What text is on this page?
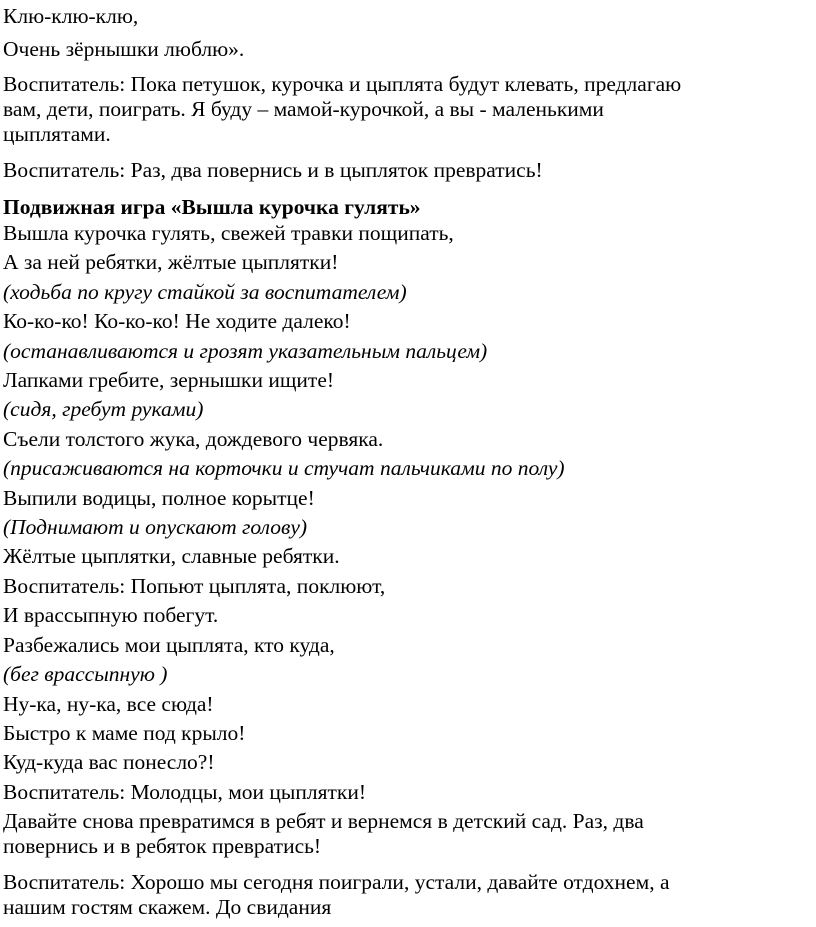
Клю-клю-клю,

Очень зёрнышки люблю».

Воспитатель: Пока петушок, курочка и цыплята будут клевать, предлагаю
вам, дети, поиграть. Я буду – мамой-курочкой, а вы - маленькими
цыплятами.

Воспитатель: Раз, два повернись и в цыпляток превратись!

Подвижная игра «Вышла курочка гулять»

Вышла курочка гулять, свежей травки пощипать,

А за ней ребятки, жёлтые цыплятки!

(ходьба по кругу стайкой за воспитателем)

Ко-ко-ко! Ко-ко-ко! Не ходите далеко!

(останавливаются и грозят указательным пальцем)

Лапками гребите, зернышки ищите!

(сидя, гребут руками)

Съели толстого жука, дождевого червяка.

(присаживаются на корточки и стучат пальчиками по полу)

Выпили водицы, полное корытце!

(Поднимают и опускают голову)

Жёлтые цыплятки, славные ребятки.

Воспитатель: Попьют цыплята, поклюют,

И врассыпную побегут.

Разбежались мои цыплята, кто куда,

(бег врассыпную )

Ну-ка, ну-ка, все сюда!

Быстро к маме под крыло!

Куд-куда вас понесло?!

Воспитатель: Молодцы, мои цыплятки!

Давайте снова превратимся в ребят и вернемся в детский сад. Раз, два
повернись и в ребяток превратись!

Воспитатель: Хорошо мы сегодня поиграли, устали, давайте отдохнем, а
нашим гостям скажем. До свидания
